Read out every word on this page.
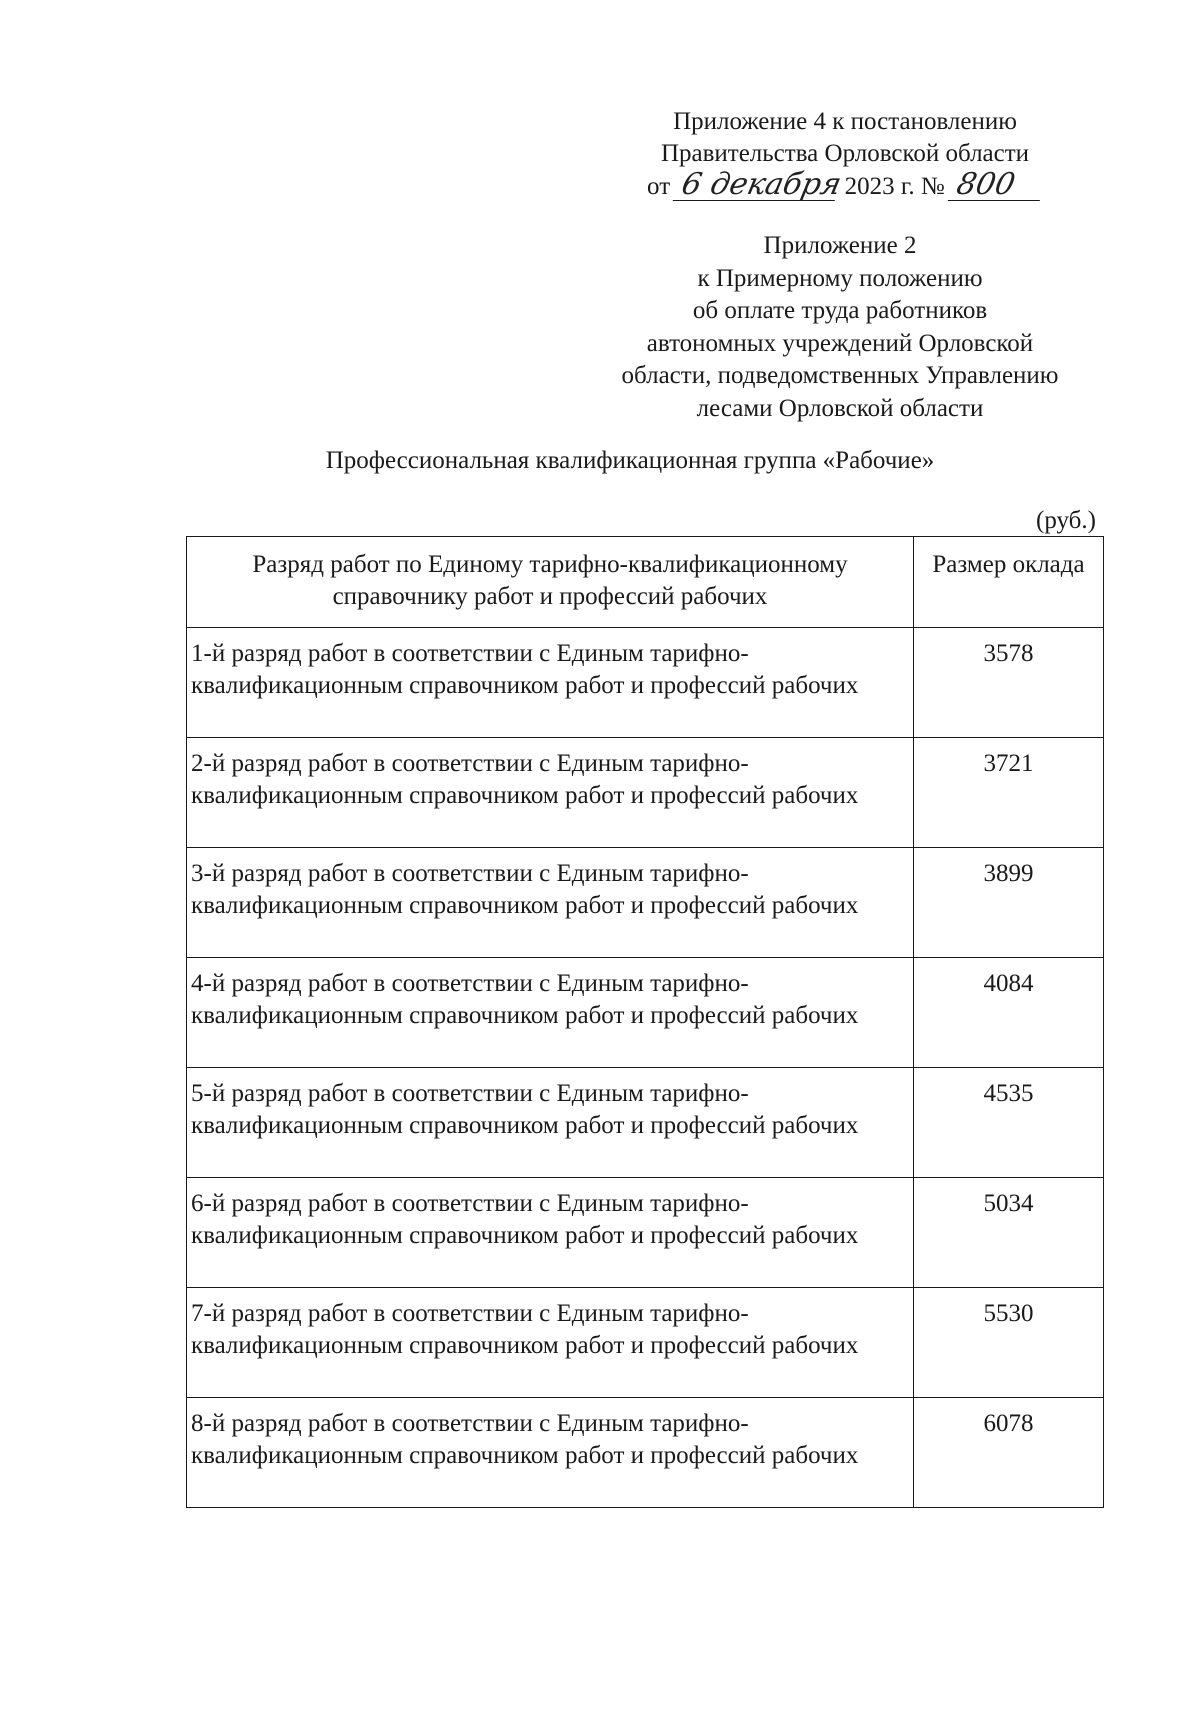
Приложение 4 к постановлению
Правительства Орловской области
от 6 декабря 2023 г. № 800
Приложение 2
к Примерному положению
об оплате труда работников
автономных учреждений Орловской
области, подведомственных Управлению
лесами Орловской области
Профессиональная квалификационная группа «Рабочие»
(руб.)
Разряд работ по Единому тарифно-квалификационному справочнику работ и профессий рабочих	Размер оклада
1-й разряд работ в соответствии с Единым тарифно-квалификационным справочником работ и профессий рабочих	3578
2-й разряд работ в соответствии с Единым тарифно-квалификационным справочником работ и профессий рабочих	3721
3-й разряд работ в соответствии с Единым тарифно-квалификационным справочником работ и профессий рабочих	3899
4-й разряд работ в соответствии с Единым тарифно-квалификационным справочником работ и профессий рабочих	4084
5-й разряд работ в соответствии с Единым тарифно-квалификационным справочником работ и профессий рабочих	4535
6-й разряд работ в соответствии с Единым тарифно-квалификационным справочником работ и профессий рабочих	5034
7-й разряд работ в соответствии с Единым тарифно-квалификационным справочником работ и профессий рабочих	5530
8-й разряд работ в соответствии с Единым тарифно-квалификационным справочником работ и профессий рабочих	6078
